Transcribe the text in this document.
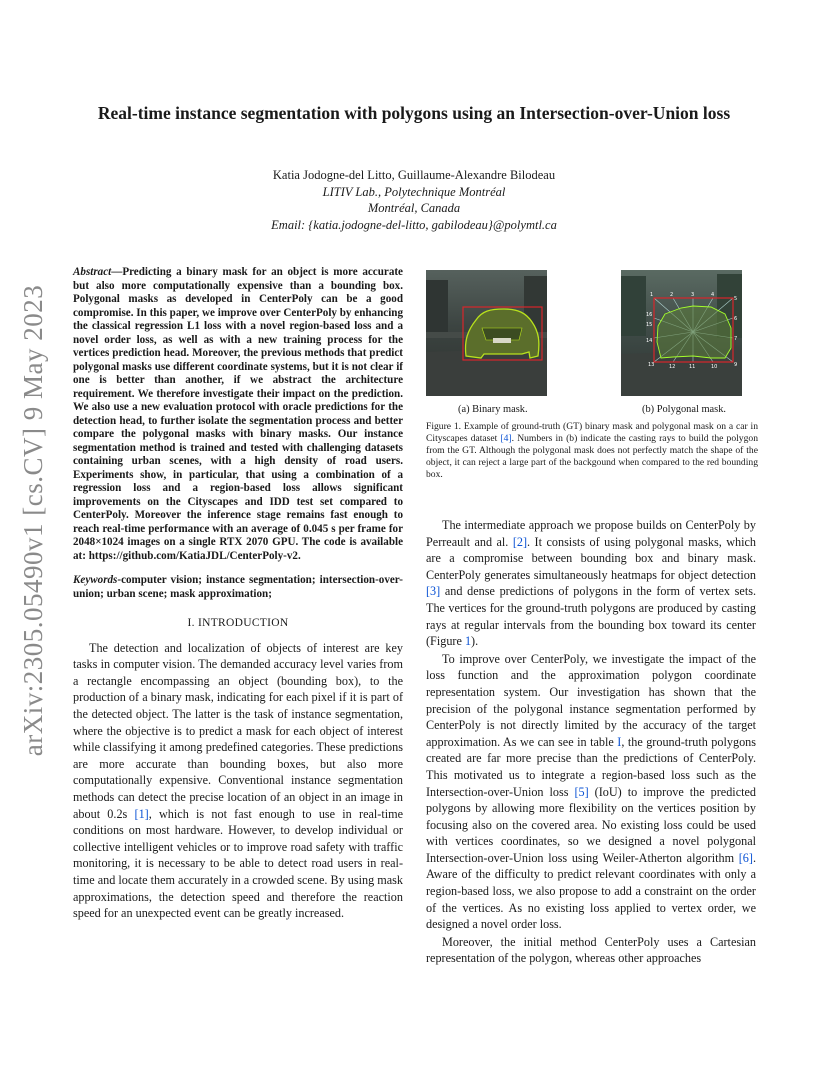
arXiv:2305.05490v1 [cs.CV] 9 May 2023
Real-time instance segmentation with polygons using an Intersection-over-Union loss
Katia Jodogne-del Litto, Guillaume-Alexandre Bilodeau
LITIV Lab., Polytechnique Montréal
Montréal, Canada
Email: {katia.jodogne-del-litto, gabilodeau}@polymtl.ca

Abstract—Predicting a binary mask for an object is more accurate but also more computationally expensive than a bounding box. Polygonal masks as developed in CenterPoly can be a good compromise. In this paper, we improve over CenterPoly by enhancing the classical regression L1 loss with a novel region-based loss and a novel order loss, as well as with a new training process for the vertices prediction head. Moreover, the previous methods that predict polygonal masks use different coordinate systems, but it is not clear if one is better than another, if we abstract the architecture requirement. We therefore investigate their impact on the prediction. We also use a new evaluation protocol with oracle predictions for the detection head, to further isolate the segmentation process and better compare the polygonal masks with binary masks. Our instance segmentation method is trained and tested with challenging datasets containing urban scenes, with a high density of road users. Experiments show, in particular, that using a combination of a regression loss and a region-based loss allows significant improvements on the Cityscapes and IDD test set compared to CenterPoly. Moreover the inference stage remains fast enough to reach real-time performance with an average of 0.045 s per frame for 2048×1024 images on a single RTX 2070 GPU. The code is available at: https://github.com/KatiaJDL/CenterPoly-v2.

Keywords-computer vision; instance segmentation; intersection-over-union; urban scene; mask approximation;

I. INTRODUCTION

The detection and localization of objects of interest are key tasks in computer vision. The demanded accuracy level varies from a rectangle encompassing an object (bounding box), to the production of a binary mask, indicating for each pixel if it is part of the detected object. The latter is the task of instance segmentation, where the objective is to predict a mask for each object of interest while classifying it among predefined categories. These predictions are more accurate than bounding boxes, but also more computationally expensive. Conventional instance segmentation methods can detect the precise location of an object in an image in about 0.2s [1], which is not fast enough to use in real-time conditions on most hardware. However, to develop individual or collective intelligent vehicles or to improve road safety with traffic monitoring, it is necessary to be able to detect road users in real-time and locate them accurately in a crowded scene. By using mask approximations, the detection speed and therefore the reaction speed for an unexpected event can be greatly increased.

1	2	3	4
5
6
7
9
10
11
12
13
14
15
16
(a) Binary mask.	(b) Polygonal mask.
Figure 1. Example of ground-truth (GT) binary mask and polygonal mask on a car in Cityscapes dataset [4]. Numbers in (b) indicate the casting rays to build the polygon from the GT. Although the polygonal mask does not perfectly match the shape of the object, it can reject a large part of the backgound when compared to the red bounding box.

The intermediate approach we propose builds on CenterPoly by Perreault and al. [2]. It consists of using polygonal masks, which are a compromise between bounding box and binary mask. CenterPoly generates simultaneously heatmaps for object detection [3] and dense predictions of polygons in the form of vertex sets. The vertices for the ground-truth polygons are produced by casting rays at regular intervals from the bounding box toward its center (Figure 1).

To improve over CenterPoly, we investigate the impact of the loss function and the approximation polygon coordinate representation system. Our investigation has shown that the precision of the polygonal instance segmentation performed by CenterPoly is not directly limited by the accuracy of the target approximation. As we can see in table I, the ground-truth polygons created are far more precise than the predictions of CenterPoly. This motivated us to integrate a region-based loss such as the Intersection-over-Union loss [5] (IoU) to improve the predicted polygons by allowing more flexibility on the vertices position by focusing also on the covered area. No existing loss could be used with vertices coordinates, so we designed a novel polygonal Intersection-over-Union loss using Weiler-Atherton algorithm [6]. Aware of the difficulty to predict relevant coordinates with only a region-based loss, we also propose to add a constraint on the order of the vertices. As no existing loss applied to vertex order, we designed a novel order loss.

Moreover, the initial method CenterPoly uses a Cartesian representation of the polygon, whereas other approaches
